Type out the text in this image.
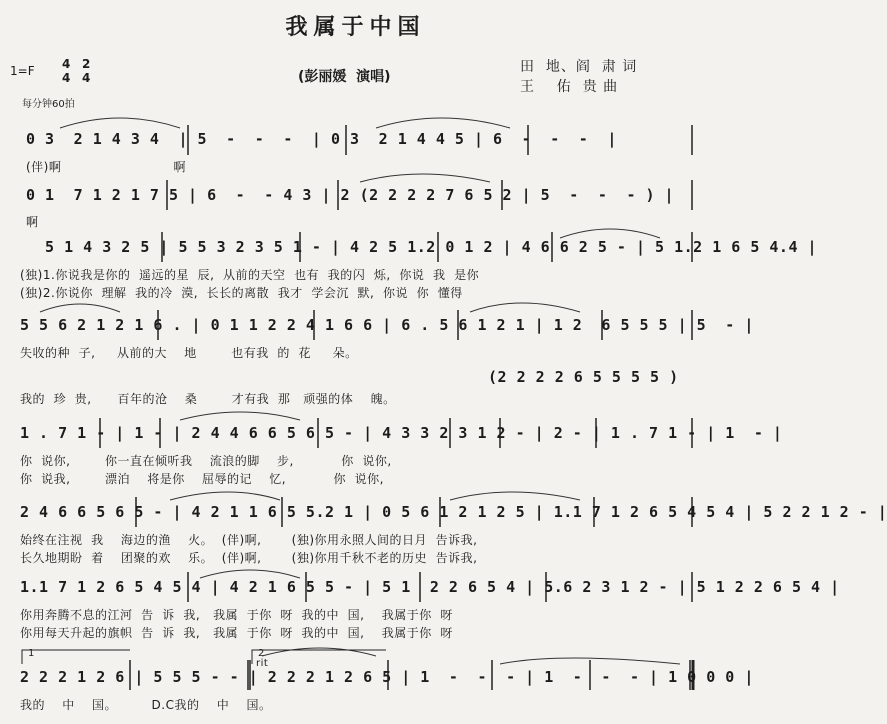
我属于中国
1=F 4
4
2
4	(彭丽媛  演唱)
田  地、阎  肃 词
王    佑  贵 曲
每分钟60拍
0 3  2 1 4 3 4  | 5  -  -  -  | 0 3  2 1 4 4 5 | 6  -  -  -  |
(伴)啊                          啊
0 1  7 1 2 1 7 5 | 6  -  - 4 3 | 2 (2 2 2 2 7 6 5 2 | 5  -  -  - ) |
啊
5 1 4 3 2 5 | 5 5 3 2 3 5 1 - | 4 2 5 1.2 0 1 2 | 4 6 6 2 5 - | 5 1.2 1 6 5 4.4 |
(独)1.你说我是你的  遥远的星  辰,  从前的天空  也有  我的闪  烁,  你说  我  是你
(独)2.你说你  理解  我的冷  漠,  长长的离散  我才  学会沉  默,  你说  你  懂得
5 5 6 2 1 2 1 6 . | 0 1 1 2 2 4 1 6 6 | 6 . 5 6 1 2 1 | 1 2  6 5 5 5 | 5  - |
失收的种  子,     从前的大    地        也有我  的  花     朵。
(2 2 2 2 6 5 5 5 5 )
我的  珍  贵,      百年的沧    桑        才有我  那   顽强的体    魄。
1 . 7 1 - | 1 - | 2 4 4 6 6 5 6 5 - | 4 3 3 2 3 1 2 - | 2 - | 1 . 7 1 - | 1  - |
你  说你,        你一直在倾听我    流浪的脚    步,           你  说你,
你  说我,        漂泊    将是你    屈辱的记    忆,           你  说你,
2 4 6 6 5 6 5 - | 4 2 1 1 6 5 5.2 1 | 0 5 6 1 2 1 2 5 | 1.1 7 1 2 6 5 4 5 4 | 5 2 2 1 2 - |
始终在注视  我    海边的渔    火。  (伴)啊,       (独)你用永照人间的日月  告诉我,
长久地期盼  着    团聚的欢    乐。  (伴)啊,       (独)你用千秋不老的历史  告诉我,
1.1 7 1 2 6 5 4 5 4 | 4 2 1 6 5 5 - | 5 1  2 2 6 5 4 | 5.6 2 3 1 2 - | 5 1 2 2 6 5 4 |
你用奔腾不息的江河  告  诉  我,   我属  于你  呀  我的中  国,    我属于你  呀
你用每天升起的旗帜  告  诉  我,   我属  于你  呀  我的中  国,    我属于你  呀
1	2
rit
2 2 2 1 2 6 | 5 5 5 - - | 2 2 2 1 2 6 5 | 1  -  -  - | 1  -  -  - | 1 0 0 0 |
我的    中    国。        D.C我的    中    国。
